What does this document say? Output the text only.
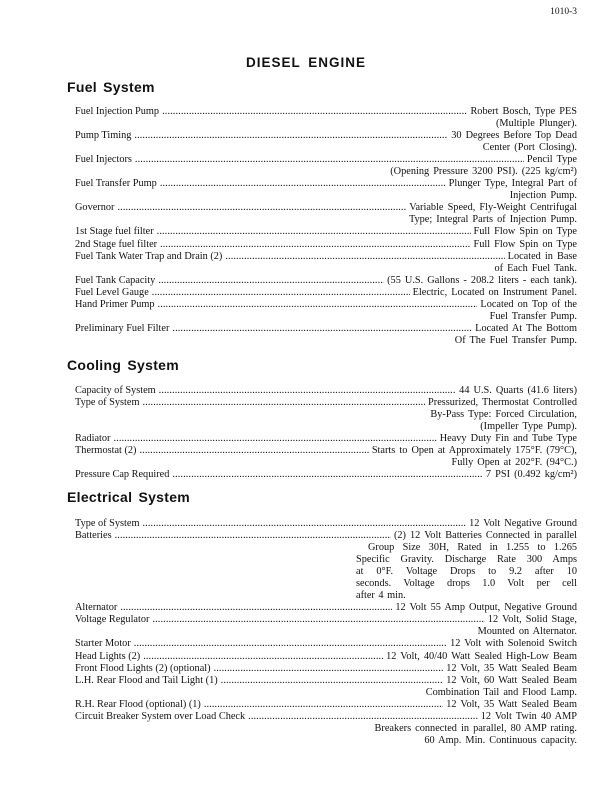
1010-3
DIESEL ENGINE
Fuel System
Fuel Injection Pump .....	Robert Bosch, Type PES
(Multiple Plunger).
Pump Timing .....	30 Degrees Before Top Dead
Center (Port Closing).
Fuel Injectors .....	Pencil Type
(Opening Pressure 3200 PSI). (225 kg/cm²)
Fuel Transfer Pump .....	Plunger Type, Integral Part of
Injection Pump.
Governor .....	Variable Speed, Fly-Weight Centrifugal
Type; Integral Parts of Injection Pump.
1st Stage fuel filter .....	Full Flow Spin on Type
2nd Stage fuel filter .....	Full Flow Spin on Type
Fuel Tank Water Trap and Drain (2) .....	Located in Base
of Each Fuel Tank.
Fuel Tank Capacity .....	(55 U.S. Gallons - 208.2 liters - each tank).
Fuel Level Gauge .....	Electric, Located on Instrument Panel.
Hand Primer Pump .....	Located on Top of the
Fuel Transfer Pump.
Preliminary Fuel Filter .....	Located At The Bottom
Of The Fuel Transfer Pump.
Cooling System
Capacity of System .....	44 U.S. Quarts (41.6 liters)
Type of System .....	Pressurized, Thermostat Controlled
By-Pass Type: Forced Circulation,
(Impeller Type Pump).
Radiator .....	Heavy Duty Fin and Tube Type
Thermostat (2) .....	Starts to Open at Approximately 175°F. (79°C),
Fully Open at 202°F. (94°C.)
Pressure Cap Required .....	7 PSI (0.492 kg/cm²)
Electrical System
Type of System .....	12 Volt Negative Ground
Batteries .....	(2) 12 Volt Batteries Connected in parallel
Group Size 30H, Rated in 1.255 to 1.265
Specific Gravity. Discharge Rate 300 Amps
at 0°F. Voltage Drops to 9.2 after 10
seconds. Voltage drops 1.0 Volt per cell
after 4 min.
Alternator .....	12 Volt 55 Amp Output, Negative Ground
Voltage Regulator .....	12 Volt, Solid Stage,
Mounted on Alternator.
Starter Motor .....	12 Volt with Solenoid Switch
Head Lights (2) .....	12 Volt, 40/40 Watt Sealed High-Low Beam
Front Flood Lights (2) (optional) .....	12 Volt, 35 Watt Sealed Beam
L.H. Rear Flood and Tail Light (1) .....	12 Volt, 60 Watt Sealed Beam
Combination Tail and Flood Lamp.
R.H. Rear Flood (optional) (1) .....	12 Volt, 35 Watt Sealed Beam
Circuit Breaker System over Load Check .....	12 Volt Twin 40 AMP
Breakers connected in parallel, 80 AMP rating.
60 Amp. Min. Continuous capacity.
